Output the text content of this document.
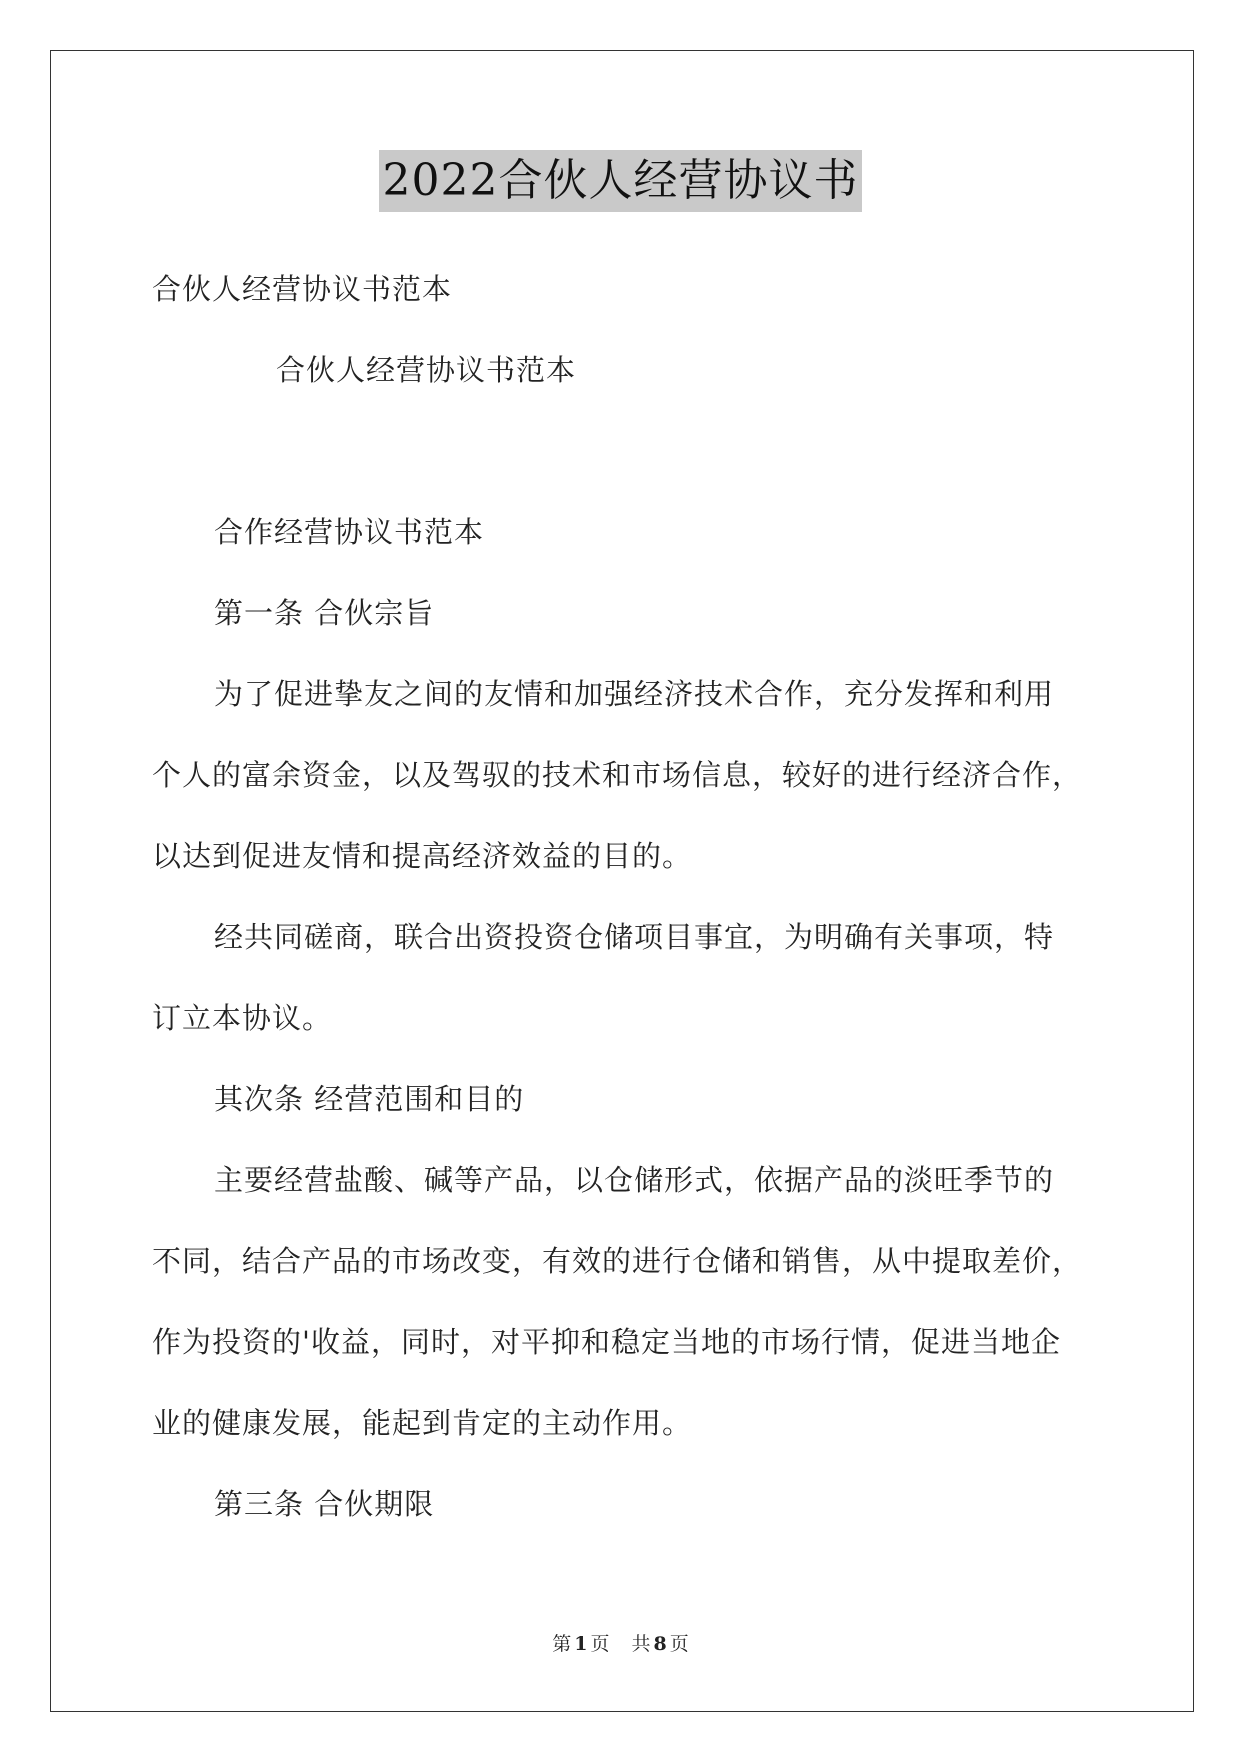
2022合伙人经营协议书
合伙人经营协议书范本
合伙人经营协议书范本
合作经营协议书范本
第一条 合伙宗旨
为了促进挚友之间的友情和加强经济技术合作，充分发挥和利用
个人的富余资金，以及驾驭的技术和市场信息，较好的进行经济合作，
以达到促进友情和提高经济效益的目的。
经共同磋商，联合出资投资仓储项目事宜，为明确有关事项，特
订立本协议。
其次条 经营范围和目的
主要经营盐酸、碱等产品，以仓储形式，依据产品的淡旺季节的
不同，结合产品的市场改变，有效的进行仓储和销售，从中提取差价，
作为投资的'收益，同时，对平抑和稳定当地的市场行情，促进当地企
业的健康发展，能起到肯定的主动作用。
第三条 合伙期限
第 1 页 共 8 页
